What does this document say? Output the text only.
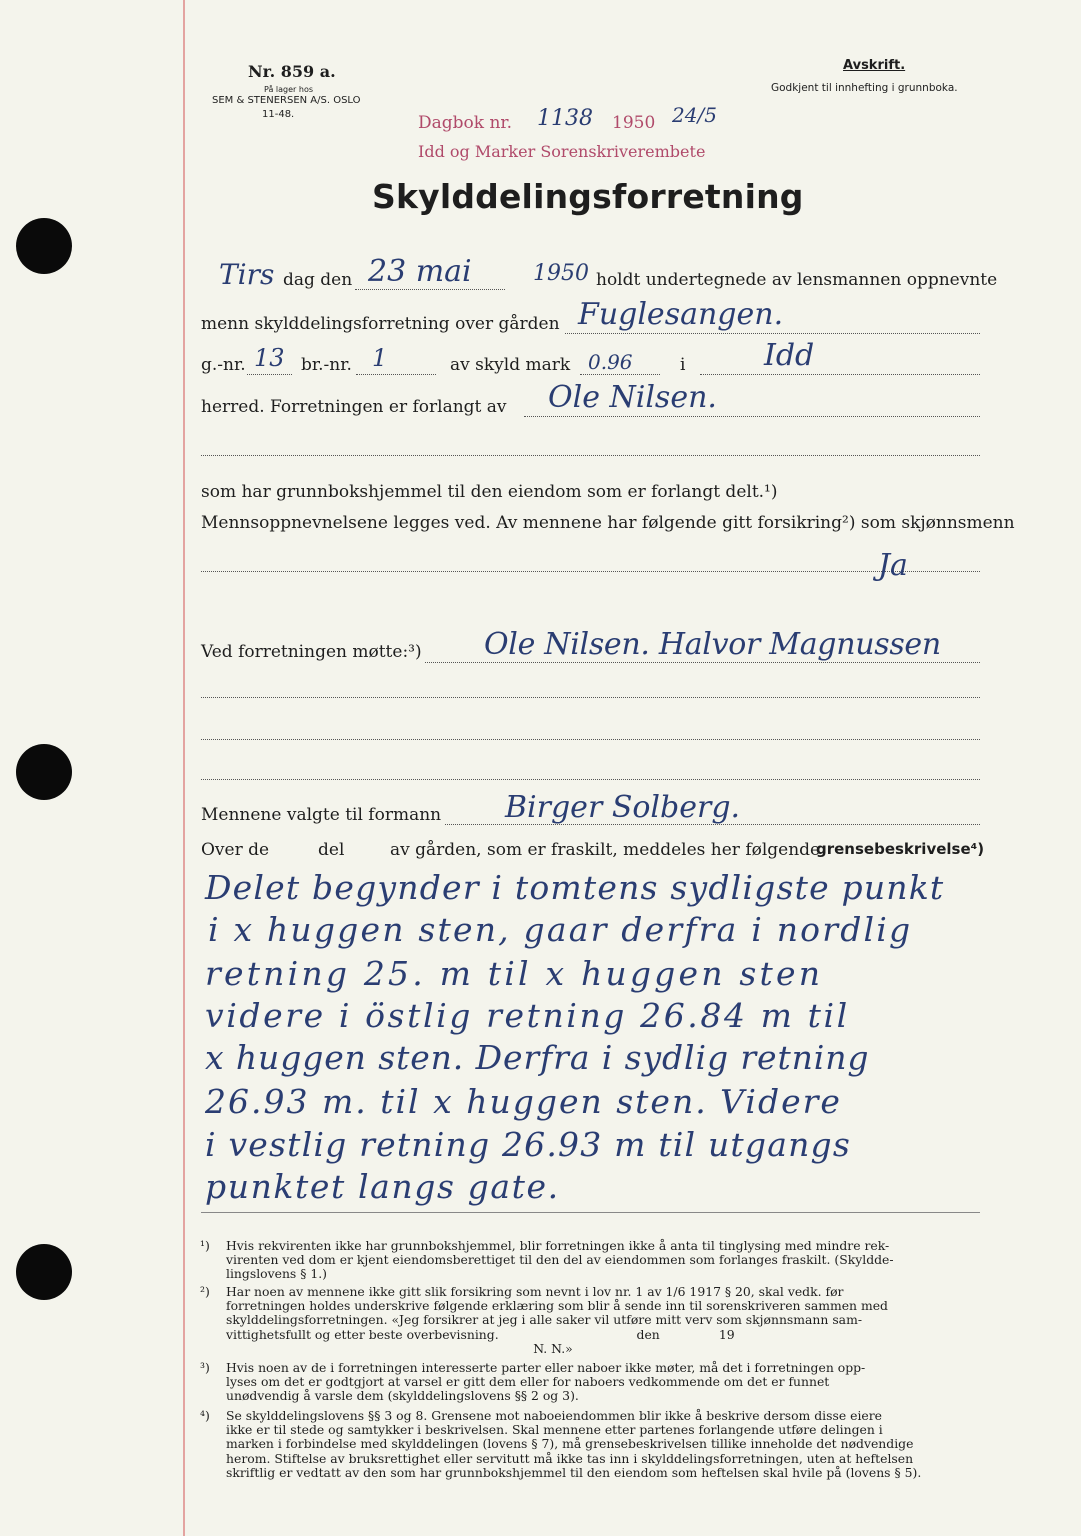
Nr. 859 a.
På lager hos
SEM & STENERSEN A/S. OSLO
11-48.
Avskrift.
Godkjent til innhefting i grunnboka.
Dagbok nr. 1138 1950 24/5
Idd og Marker Sorenskriverembete
Skylddelingsforretning
Tirs dag den 23 mai	1950 holdt undertegnede av lensmannen oppnevnte
menn skylddelingsforretning over gården Fuglesangen.
g.-nr. 13 br.-nr. 1	av skyld mark 0.96	i	Idd
herred. Forretningen er forlangt av Ole Nilsen.
som har grunnbokshjemmel til den eiendom som er forlangt delt.¹)
Mennsoppnevnelsene legges ved. Av mennene har følgende gitt forsikring²) som skjønnsmenn
Ja
Ved forretningen møtte:³) Ole Nilsen. Halvor Magnussen
Mennene valgte til formann Birger Solberg.
Over de	del	av gården, som er fraskilt, meddeles her følgende
grensebeskrivelse⁴)
Delet begynder i tomtens sydligste punkt
i x huggen sten, gaar derfra i nordlig
retning 25. m til x huggen sten
videre i östlig retning 26.84 m til
x huggen sten. Derfra i sydlig retning
26.93 m. til x huggen sten. Videre
i vestlig retning 26.93 m til utgangs
punktet langs gate.
¹) Hvis rekvirenten ikke har grunnbokshjemmel, blir forretningen ikke å anta til tinglysing med mindre rek-
virenten ved dom er kjent eiendomsberettiget til den del av eiendommen som forlanges fraskilt. (Skyldde-
lingslovens § 1.)
²) Har noen av mennene ikke gitt slik forsikring som nevnt i lov nr. 1 av 1/6 1917 § 20, skal vedk. før
forretningen holdes underskrive følgende erklæring som blir å sende inn til sorenskriveren sammen med
skylddelingsforretningen. «Jeg forsikrer at jeg i alle saker vil utføre mitt verv som skjønnsmann sam-
vittighetsfullt og etter beste overbevisning.                                   den               19
N. N.»
³) Hvis noen av de i forretningen interesserte parter eller naboer ikke møter, må det i forretningen opp-
lyses om det er godtgjort at varsel er gitt dem eller for naboers vedkommende om det er funnet
unødvendig å varsle dem (skylddelingslovens §§ 2 og 3).
⁴) Se skylddelingslovens §§ 3 og 8. Grensene mot naboeiendommen blir ikke å beskrive dersom disse eiere
ikke er til stede og samtykker i beskrivelsen. Skal mennene etter partenes forlangende utføre delingen i
marken i forbindelse med skylddelingen (lovens § 7), må grensebeskrivelsen tillike inneholde det nødvendige
herom. Stiftelse av bruksrettighet eller servitutt må ikke tas inn i skylddelingsforretningen, uten at heftelsen
skriftlig er vedtatt av den som har grunnbokshjemmel til den eiendom som heftelsen skal hvile på (lovens § 5).
